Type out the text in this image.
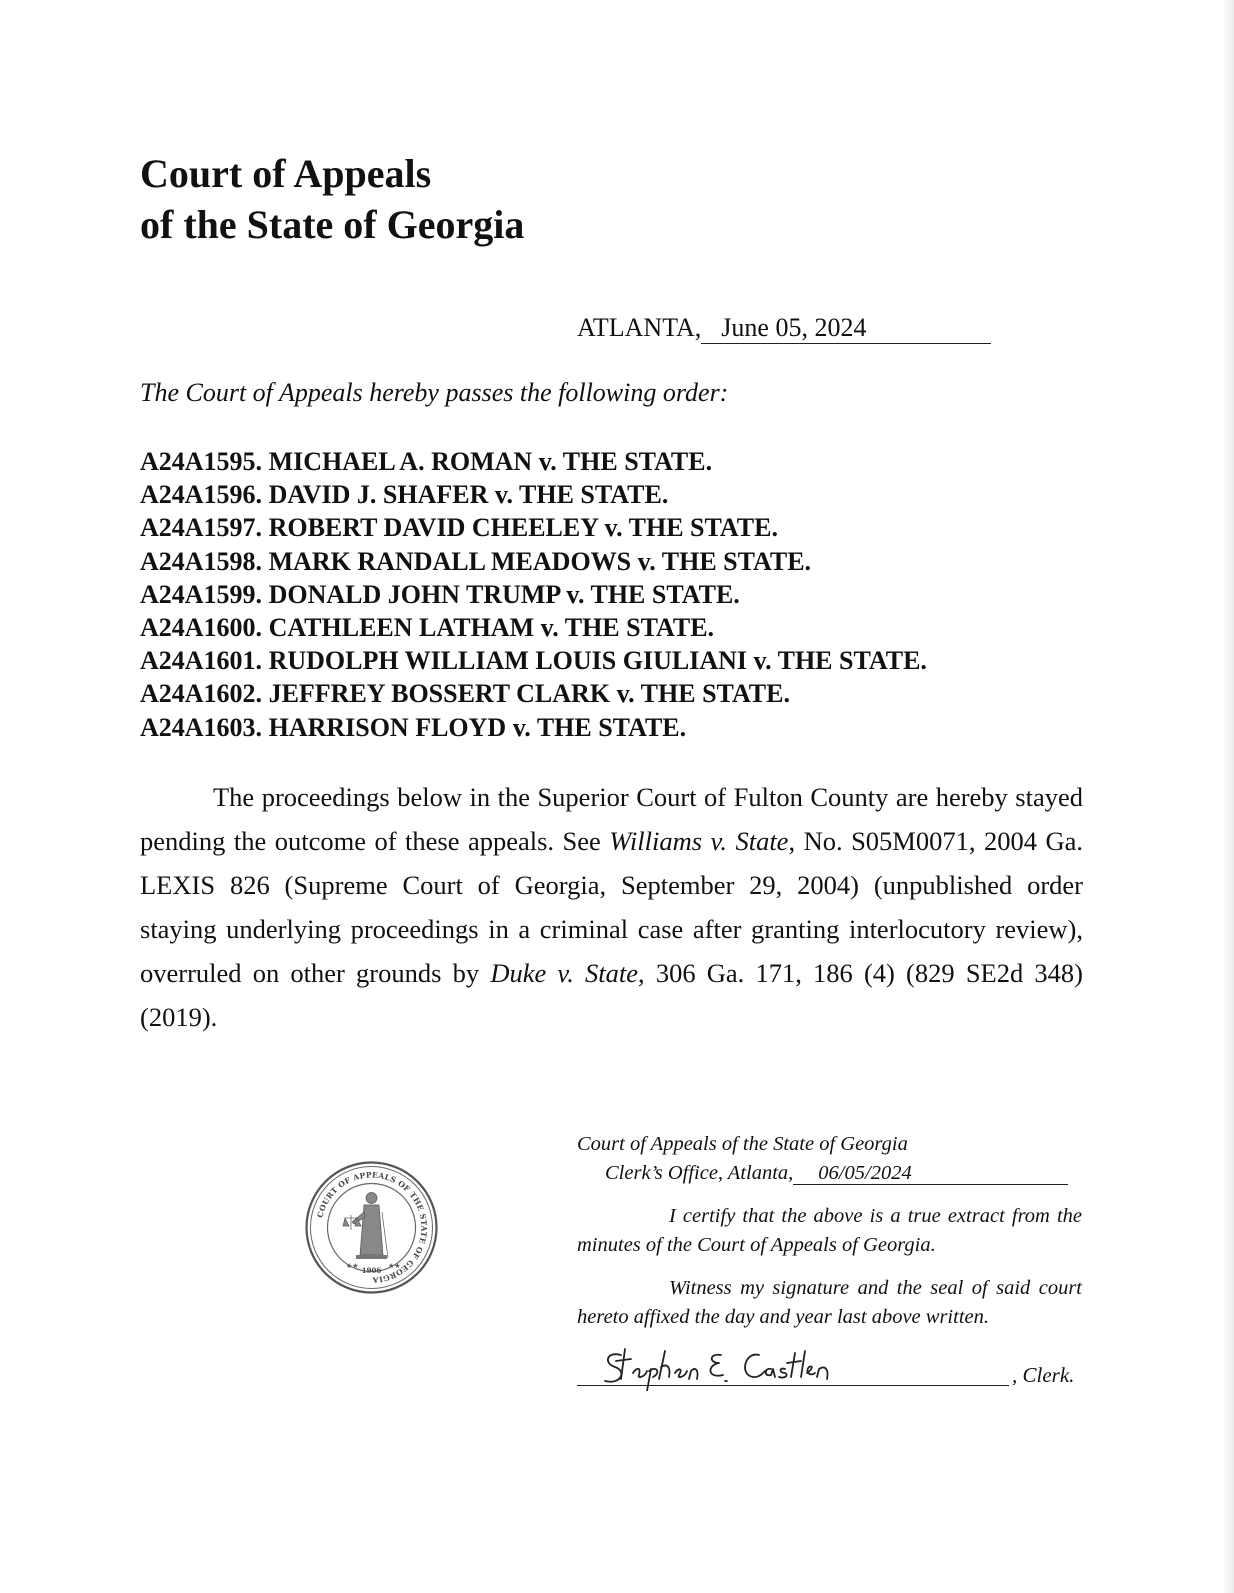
Court of Appeals
of the State of Georgia
ATLANTA, June 05, 2024

The Court of Appeals hereby passes the following order:

A24A1595. MICHAEL A. ROMAN v. THE STATE.
A24A1596. DAVID J. SHAFER v. THE STATE.
A24A1597. ROBERT DAVID CHEELEY v. THE STATE.
A24A1598. MARK RANDALL MEADOWS v. THE STATE.
A24A1599. DONALD JOHN TRUMP v. THE STATE.
A24A1600. CATHLEEN LATHAM v. THE STATE.
A24A1601. RUDOLPH WILLIAM LOUIS GIULIANI v. THE STATE.
A24A1602. JEFFREY BOSSERT CLARK v. THE STATE.
A24A1603. HARRISON FLOYD v. THE STATE.

The proceedings below in the Superior Court of Fulton County are hereby stayed pending the outcome of these appeals. See Williams v. State, No. S05M0071, 2004 Ga. LEXIS 826 (Supreme Court of Georgia, September 29, 2004) (unpublished order staying underlying proceedings in a criminal case after granting interlocutory review), overruled on other grounds by Duke v. State, 306 Ga. 171, 186 (4) (829 SE2d 348) (2019).

COURT OF APPEALS OF THE STATE OF GEORGIA
1906
★★	★★
Court of Appeals of the State of Georgia
Clerk’s Office, Atlanta, 06/05/2024
I certify that the above is a true extract from the minutes of the Court of Appeals of Georgia.
Witness my signature and the seal of said court hereto affixed the day and year last above written.
, Clerk.
